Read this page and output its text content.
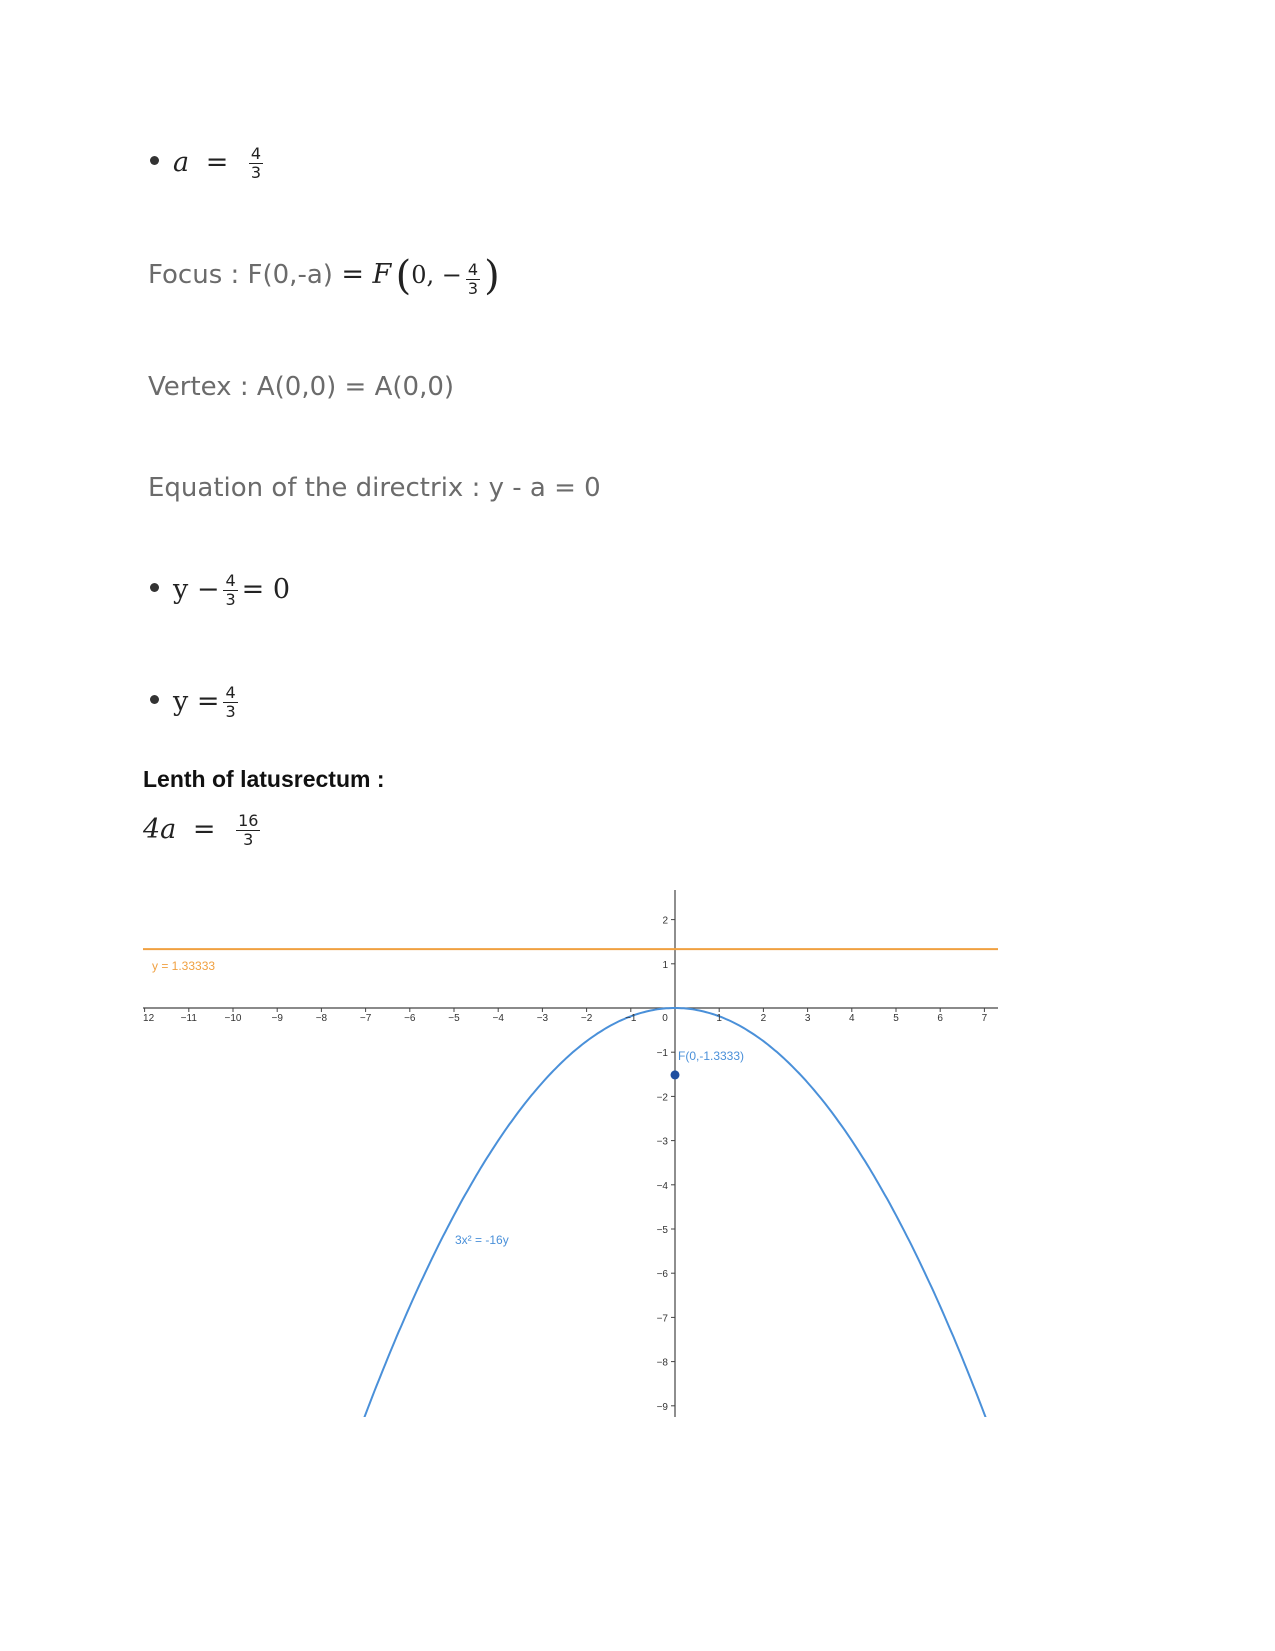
$a = \frac{4}{3}$
Focus : F(0,-a) = F (0, − $\frac{4}{3}$ )
Vertex : A(0,0) = A(0,0)
Equation of the directrix : y - a = 0
$y - \frac{4}{3} = 0$
$y = \frac{4}{3}$
Lenth of latusrectum :
$4a = \frac{16}{3}$
12	−11	−10	−9	−8	−7	−6	−5	−4	−3	−2	−1	0	1	2	3	4	5	6	7
2
1
−1
−2
−3
−4
−5
−6
−7
−8
−9
y = 1.33333
3x² = -16y
F(0,-1.3333)
